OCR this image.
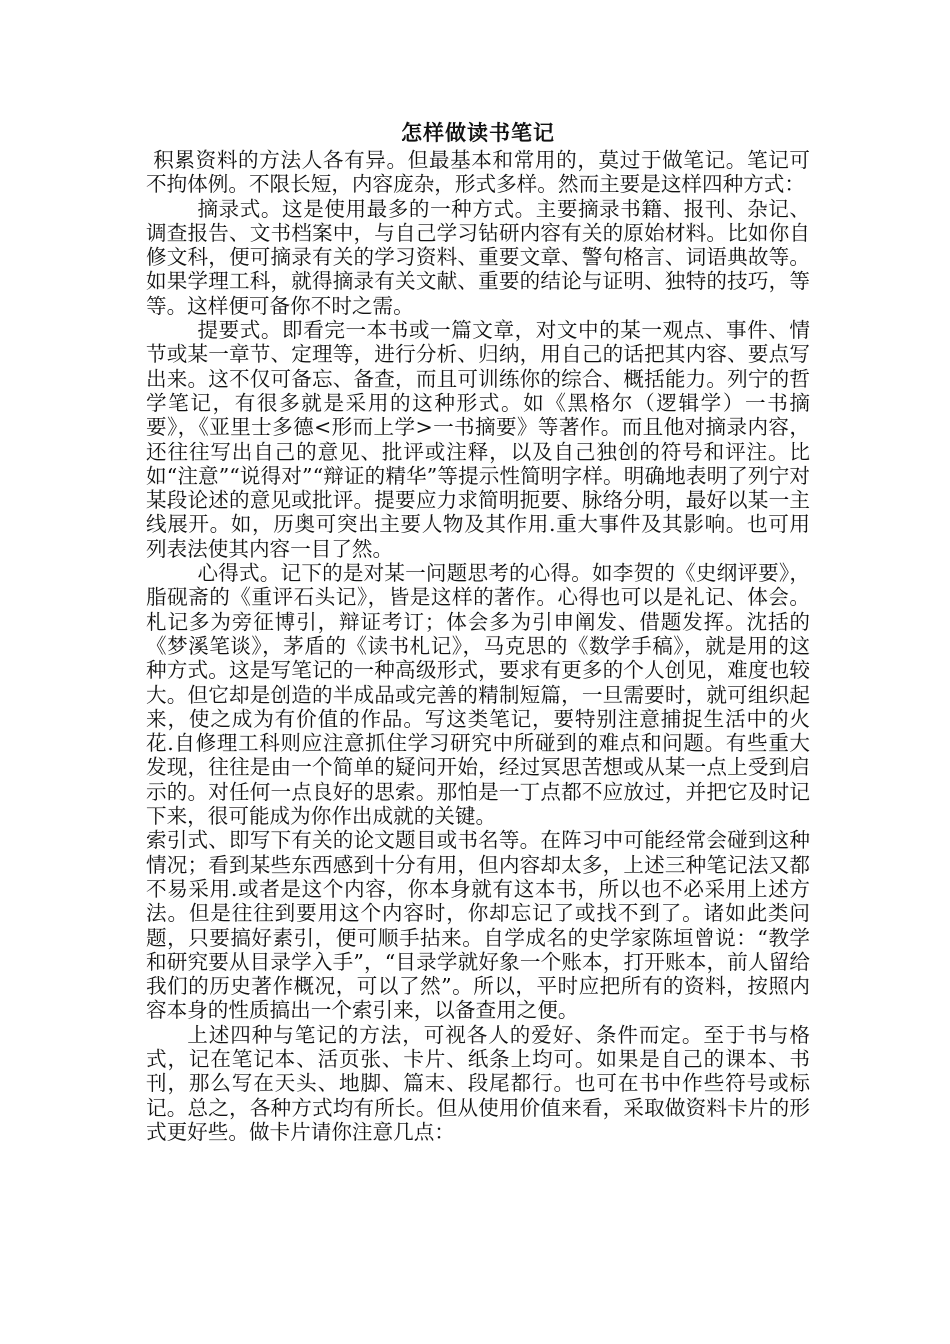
怎样做读书笔记

积累资料的方法人各有异。但最基本和常用的，莫过于做笔记。笔记可不拘体例。不限长短，内容庞杂，形式多样。然而主要是这样四种方式：

摘录式。这是使用最多的一种方式。主要摘录书籍、报刊、杂记、调查报告、文书档案中，与自己学习钻研内容有关的原始材料。比如你自修文科，便可摘录有关的学习资料、重要文章、警句格言、词语典故等。如果学理工科，就得摘录有关文献、重要的结论与证明、独特的技巧，等等。这样便可备你不时之需。

提要式。即看完一本书或一篇文章，对文中的某一观点、事件、情节或某一章节、定理等，进行分析、归纳，用自己的话把其内容、要点写出来。这不仅可备忘、备查，而且可训练你的综合、概括能力。列宁的哲学笔记，有很多就是采用的这种形式。如《黑格尔（逻辑学）一书摘要》，《亚里士多德<形而上学>一书摘要》等著作。而且他对摘录内容，还往往写出自己的意见、批评或注释，以及自己独创的符号和评注。比如“注意”“说得对”“辩证的精华”等提示性简明字样。明确地表明了列宁对某段论述的意见或批评。提要应力求简明扼要、脉络分明，最好以某一主线展开。如，历奥可突出主要人物及其作用.重大事件及其影响。也可用列表法使其内容一目了然。

心得式。记下的是对某一问题思考的心得。如李贺的《史纲评要》，脂砚斋的《重评石头记》，皆是这样的著作。心得也可以是礼记、体会。札记多为旁征博引，辩证考订；体会多为引申阐发、借题发挥。沈括的《梦溪笔谈》，茅盾的《读书札记》，马克思的《数学手稿》，就是用的这种方式。这是写笔记的一种高级形式，要求有更多的个人创见，难度也较大。但它却是创造的半成品或完善的精制短篇，一旦需要时，就可组织起来，使之成为有价值的作品。写这类笔记，要特别注意捕捉生活中的火花.自修理工科则应注意抓住学习研究中所碰到的难点和问题。有些重大发现，往往是由一个简单的疑问开始，经过冥思苦想或从某一点上受到启示的。对任何一点良好的思索。那怕是一丁点都不应放过，并把它及时记下来，很可能成为你作出成就的关键。

索引式、即写下有关的论文题目或书名等。在阵习中可能经常会碰到这种情况；看到某些东西感到十分有用，但内容却太多，上述三种笔记法又都不易采用.或者是这个内容，你本身就有这本书，所以也不必采用上述方法。但是往往到要用这个内容时，你却忘记了或找不到了。诸如此类问题，只要搞好素引，便可顺手拈来。自学成名的史学家陈垣曾说：“教学和研究要从目录学入手”，“目录学就好象一个账本，打开账本，前人留给我们的历史著作概况，可以了然”。所以，平时应把所有的资料，按照内容本身的性质搞出一个索引来，以备查用之便。

上述四种与笔记的方法，可视各人的爱好、条件而定。至于书与格式，记在笔记本、活页张、卡片、纸条上均可。如果是自己的课本、书刊，那么写在天头、地脚、篇末、段尾都行。也可在书中作些符号或标记。总之，各种方式均有所长。但从使用价值来看，采取做资料卡片的形式更好些。做卡片请你注意几点：
